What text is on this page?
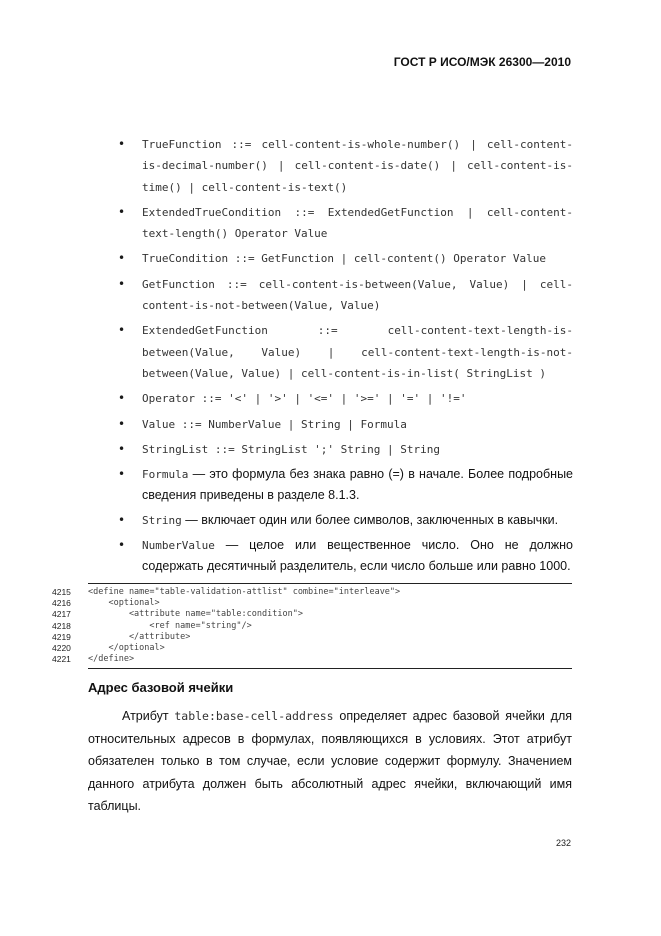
ГОСТ Р ИСО/МЭК 26300—2010
• TrueFunction ::= cell-content-is-whole-number() | cell-content-is-decimal-number() | cell-content-is-date() | cell-content-is-time() | cell-content-is-text()
• ExtendedTrueCondition ::= ExtendedGetFunction | cell-content-text-length() Operator Value
• TrueCondition ::= GetFunction | cell-content() Operator Value
• GetFunction ::= cell-content-is-between(Value, Value) | cell-content-is-not-between(Value, Value)
• ExtendedGetFunction ::= cell-content-text-length-is-between(Value, Value) | cell-content-text-length-is-not-between(Value, Value) | cell-content-is-in-list( StringList )
• Operator ::= '<' | '>' | '<=' | '>=' | '=' | '!='
• Value ::= NumberValue | String | Formula
• StringList ::= StringList ';' String | String
• Formula — это формула без знака равно (=) в начале. Более подробные сведения приведены в разделе 8.1.3.
• String — включает один или более символов, заключенных в кавычки.
• NumberValue — целое или вещественное число. Оно не должно содержать десятичный разделитель, если число больше или равно 1000.
4215	<define name="table-validation-attlist" combine="interleave">
4216	<optional>
4217	<attribute name="table:condition">
4218	<ref name="string"/>
4219	</attribute>
4220	</optional>
4221	</define>
Адрес базовой ячейки

Атрибут table:base-cell-address определяет адрес базовой ячейки для относительных адресов в формулах, появляющихся в условиях. Этот атрибут обязателен только в том случае, если условие содержит формулу. Значением данного атрибута должен быть абсолютный адрес ячейки, включающий имя таблицы.

232
